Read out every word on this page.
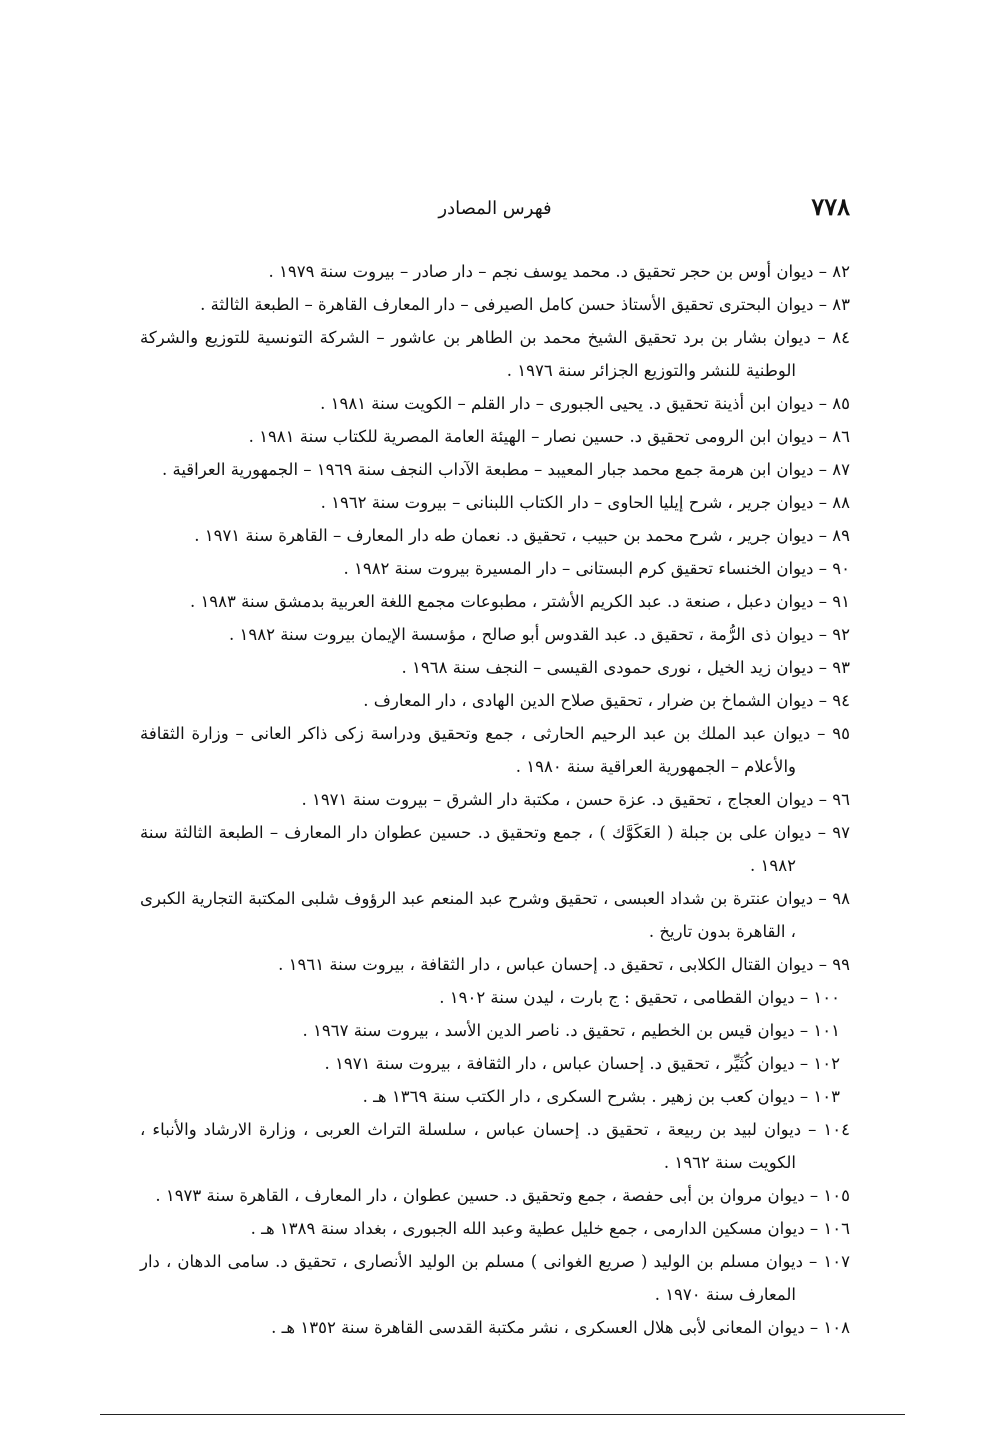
٧٧٨
فهرس المصادر
٨٢ – ديوان أوس بن حجر تحقيق د. محمد يوسف نجم – دار صادر – بيروت سنة ١٩٧٩ .
٨٣ – ديوان البحترى تحقيق الأستاذ حسن كامل الصيرفى – دار المعارف القاهرة – الطبعة الثالثة .
٨٤ – ديوان بشار بن برد تحقيق الشيخ محمد بن الطاهر بن عاشور – الشركة التونسية للتوزيع والشركة الوطنية للنشر والتوزيع الجزائر سنة ١٩٧٦ .
٨٥ – ديوان ابن أذينة تحقيق د. يحيى الجبورى – دار القلم – الكويت سنة ١٩٨١ .
٨٦ – ديوان ابن الرومى تحقيق د. حسين نصار – الهيئة العامة المصرية للكتاب سنة ١٩٨١ .
٨٧ – ديوان ابن هرمة جمع محمد جبار المعيبد – مطبعة الآداب النجف سنة ١٩٦٩ – الجمهورية العراقية .
٨٨ – ديوان جرير ، شرح إيليا الحاوى – دار الكتاب اللبنانى – بيروت سنة ١٩٦٢ .
٨٩ – ديوان جرير ، شرح محمد بن حبيب ، تحقيق د. نعمان طه دار المعارف – القاهرة سنة ١٩٧١ .
٩٠ – ديوان الخنساء تحقيق كرم البستانى – دار المسيرة بيروت سنة ١٩٨٢ .
٩١ – ديوان دعبل ، صنعة د. عبد الكريم الأشتر ، مطبوعات مجمع اللغة العربية بدمشق سنة ١٩٨٣ .
٩٢ – ديوان ذى الرُّمة ، تحقيق د. عبد القدوس أبو صالح ، مؤسسة الإيمان بيروت سنة ١٩٨٢ .
٩٣ – ديوان زيد الخيل ، نورى حمودى القيسى – النجف سنة ١٩٦٨ .
٩٤ – ديوان الشماخ بن ضرار ، تحقيق صلاح الدين الهادى ، دار المعارف .
٩٥ – ديوان عبد الملك بن عبد الرحيم الحارثى ، جمع وتحقيق ودراسة زكى ذاكر العانى – وزارة الثقافة والأعلام – الجمهورية العراقية سنة ١٩٨٠ .
٩٦ – ديوان العجاج ، تحقيق د. عزة حسن ، مكتبة دار الشرق – بيروت سنة ١٩٧١ .
٩٧ – ديوان على بن جبلة ( العَكَوَّك ) ، جمع وتحقيق د. حسين عطوان دار المعارف – الطبعة الثالثة سنة ١٩٨٢ .
٩٨ – ديوان عنترة بن شداد العبسى ، تحقيق وشرح عبد المنعم عبد الرؤوف شلبى المكتبة التجارية الكبرى ، القاهرة بدون تاريخ .
٩٩ – ديوان القتال الكلابى ، تحقيق د. إحسان عباس ، دار الثقافة ، بيروت سنة ١٩٦١ .
١٠٠ – ديوان القطامى ، تحقيق : ج بارت ، ليدن سنة ١٩٠٢ .
١٠١ – ديوان قيس بن الخطيم ، تحقيق د. ناصر الدين الأسد ، بيروت سنة ١٩٦٧ .
١٠٢ – ديوان كُثَيِّر ، تحقيق د. إحسان عباس ، دار الثقافة ، بيروت سنة ١٩٧١ .
١٠٣ – ديوان كعب بن زهير . بشرح السكرى ، دار الكتب سنة ١٣٦٩ هـ .
١٠٤ – ديوان لبيد بن ربيعة ، تحقيق د. إحسان عباس ، سلسلة التراث العربى ، وزارة الارشاد والأنباء ، الكويت سنة ١٩٦٢ .
١٠٥ – ديوان مروان بن أبى حفصة ، جمع وتحقيق د. حسين عطوان ، دار المعارف ، القاهرة سنة ١٩٧٣ .
١٠٦ – ديوان مسكين الدارمى ، جمع خليل عطية وعبد الله الجبورى ، بغداد سنة ١٣٨٩ هـ .
١٠٧ – ديوان مسلم بن الوليد ( صريع الغوانى ) مسلم بن الوليد الأنصارى ، تحقيق د. سامى الدهان ، دار المعارف سنة ١٩٧٠ .
١٠٨ – ديوان المعانى لأبى هلال العسكرى ، نشر مكتبة القدسى القاهرة سنة ١٣٥٢ هـ .
